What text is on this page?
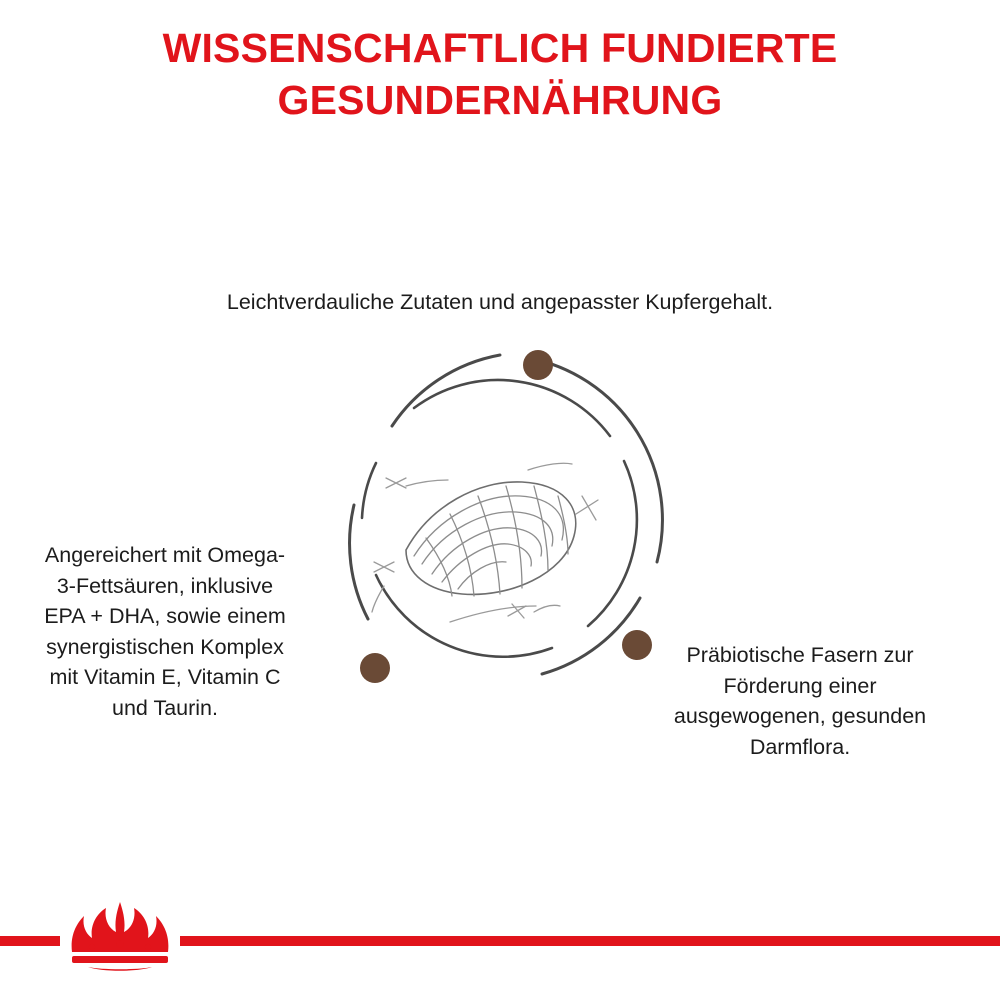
WISSENSCHAFTLICH FUNDIERTE
GESUNDERNÄHRUNG
Leichtverdauliche Zutaten und angepasster Kupfergehalt.
Angereichert mit Omega-3-Fettsäuren, inklusive EPA + DHA, sowie einem synergistischen Komplex mit Vitamin E, Vitamin C und Taurin.
Präbiotische Fasern zur Förderung einer ausgewogenen, gesunden Darmflora.
